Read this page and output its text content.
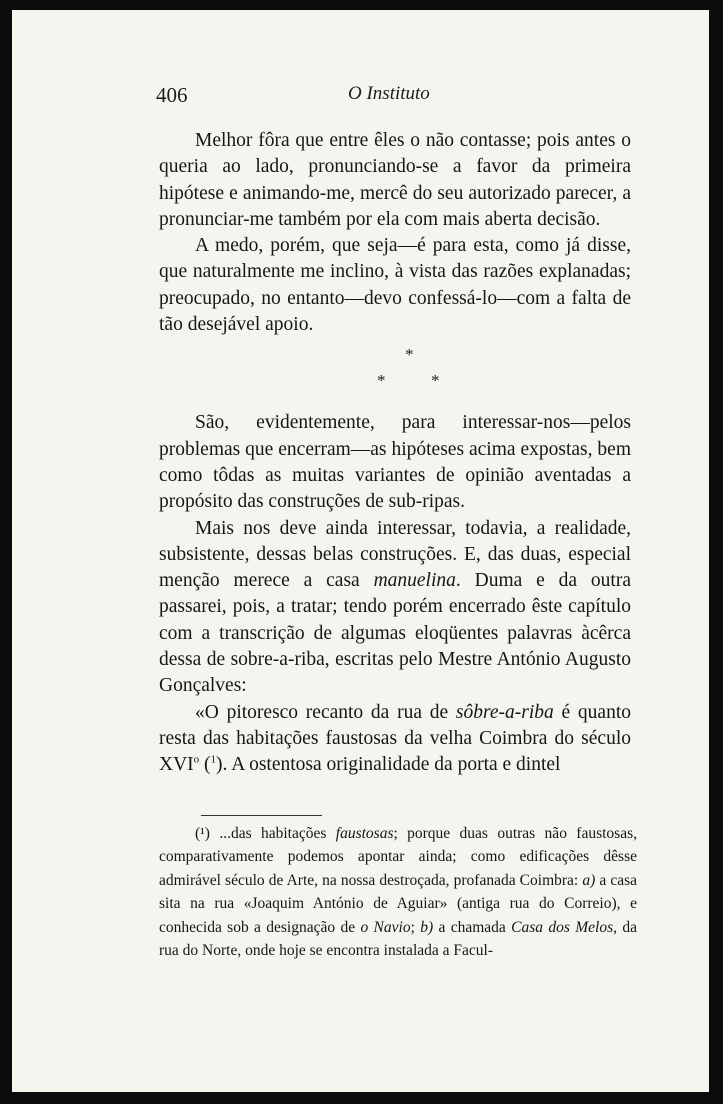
406	O Instituto

Melhor fôra que entre êles o não contasse; pois antes o queria ao lado, pronunciando-se a favor da primeira hipótese e animando-me, mercê do seu autorizado parecer, a pronunciar-me também por ela com mais aberta decisão.

A medo, porém, que seja—é para esta, como já disse, que naturalmente me inclino, à vista das razões explanadas; preocupado, no entanto—devo confessá-lo—com a falta de tão desejável apoio.

*
*	*

São, evidentemente, para interessar-nos—pelos problemas que encerram—as hipóteses acima expostas, bem como tôdas as muitas variantes de opinião aventadas a propósito das construções de sub-ripas.

Mais nos deve ainda interessar, todavia, a realidade, subsistente, dessas belas construções. E, das duas, especial menção merece a casa manuelina. Duma e da outra passarei, pois, a tratar; tendo porém encerrado êste capítulo com a transcrição de algumas eloqüentes palavras àcêrca dessa de sobre-a-riba, escritas pelo Mestre António Augusto Gonçalves:

«O pitoresco recanto da rua de sôbre-a-riba é quanto resta das habitações faustosas da velha Coimbra do século XVI$^o$ ($^1$). A ostentosa originalidade da porta e dintel

(¹) ...das habitações faustosas; porque duas outras não faustosas, comparativamente podemos apontar ainda; como edificações dêsse admirável século de Arte, na nossa destroçada, profanada Coimbra: a) a casa sita na rua «Joaquim António de Aguiar» (antiga rua do Correio), e conhecida sob a designação de o Navio; b) a chamada Casa dos Melos, da rua do Norte, onde hoje se encontra instalada a Facul-
